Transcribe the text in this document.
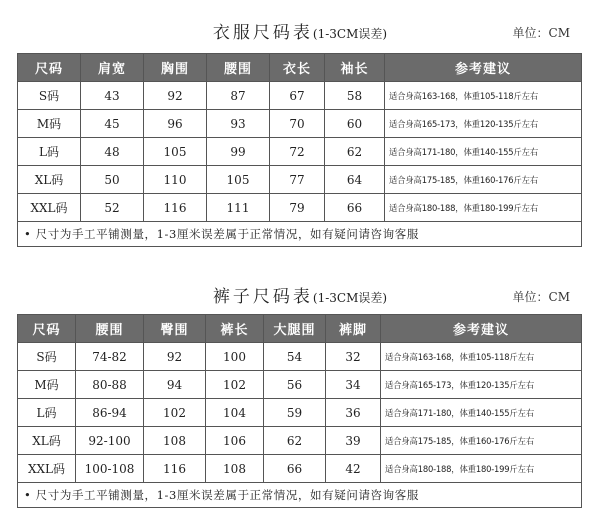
衣服尺码表(1-3CM误差)	单位：CM
尺码	肩宽	胸围	腰围	衣长	袖长	参考建议
S码	43	92	87	67	58	适合身高163-168，体重105-118斤左右
M码	45	96	93	70	60	适合身高165-173，体重120-135斤左右
L码	48	105	99	72	62	适合身高171-180，体重140-155斤左右
XL码	50	110	105	77	64	适合身高175-185，体重160-176斤左右
XXL码	52	116	111	79	66	适合身高180-188，体重180-199斤左右
• 尺寸为手工平铺测量，1-3厘米误差属于正常情况，如有疑问请咨询客服						
裤子尺码表(1-3CM误差)	单位：CM
尺码	腰围	臀围	裤长	大腿围	裤脚	参考建议
S码	74-82	92	100	54	32	适合身高163-168，体重105-118斤左右
M码	80-88	94	102	56	34	适合身高165-173，体重120-135斤左右
L码	86-94	102	104	59	36	适合身高171-180，体重140-155斤左右
XL码	92-100	108	106	62	39	适合身高175-185，体重160-176斤左右
XXL码	100-108	116	108	66	42	适合身高180-188，体重180-199斤左右
• 尺寸为手工平铺测量，1-3厘米误差属于正常情况，如有疑问请咨询客服						
